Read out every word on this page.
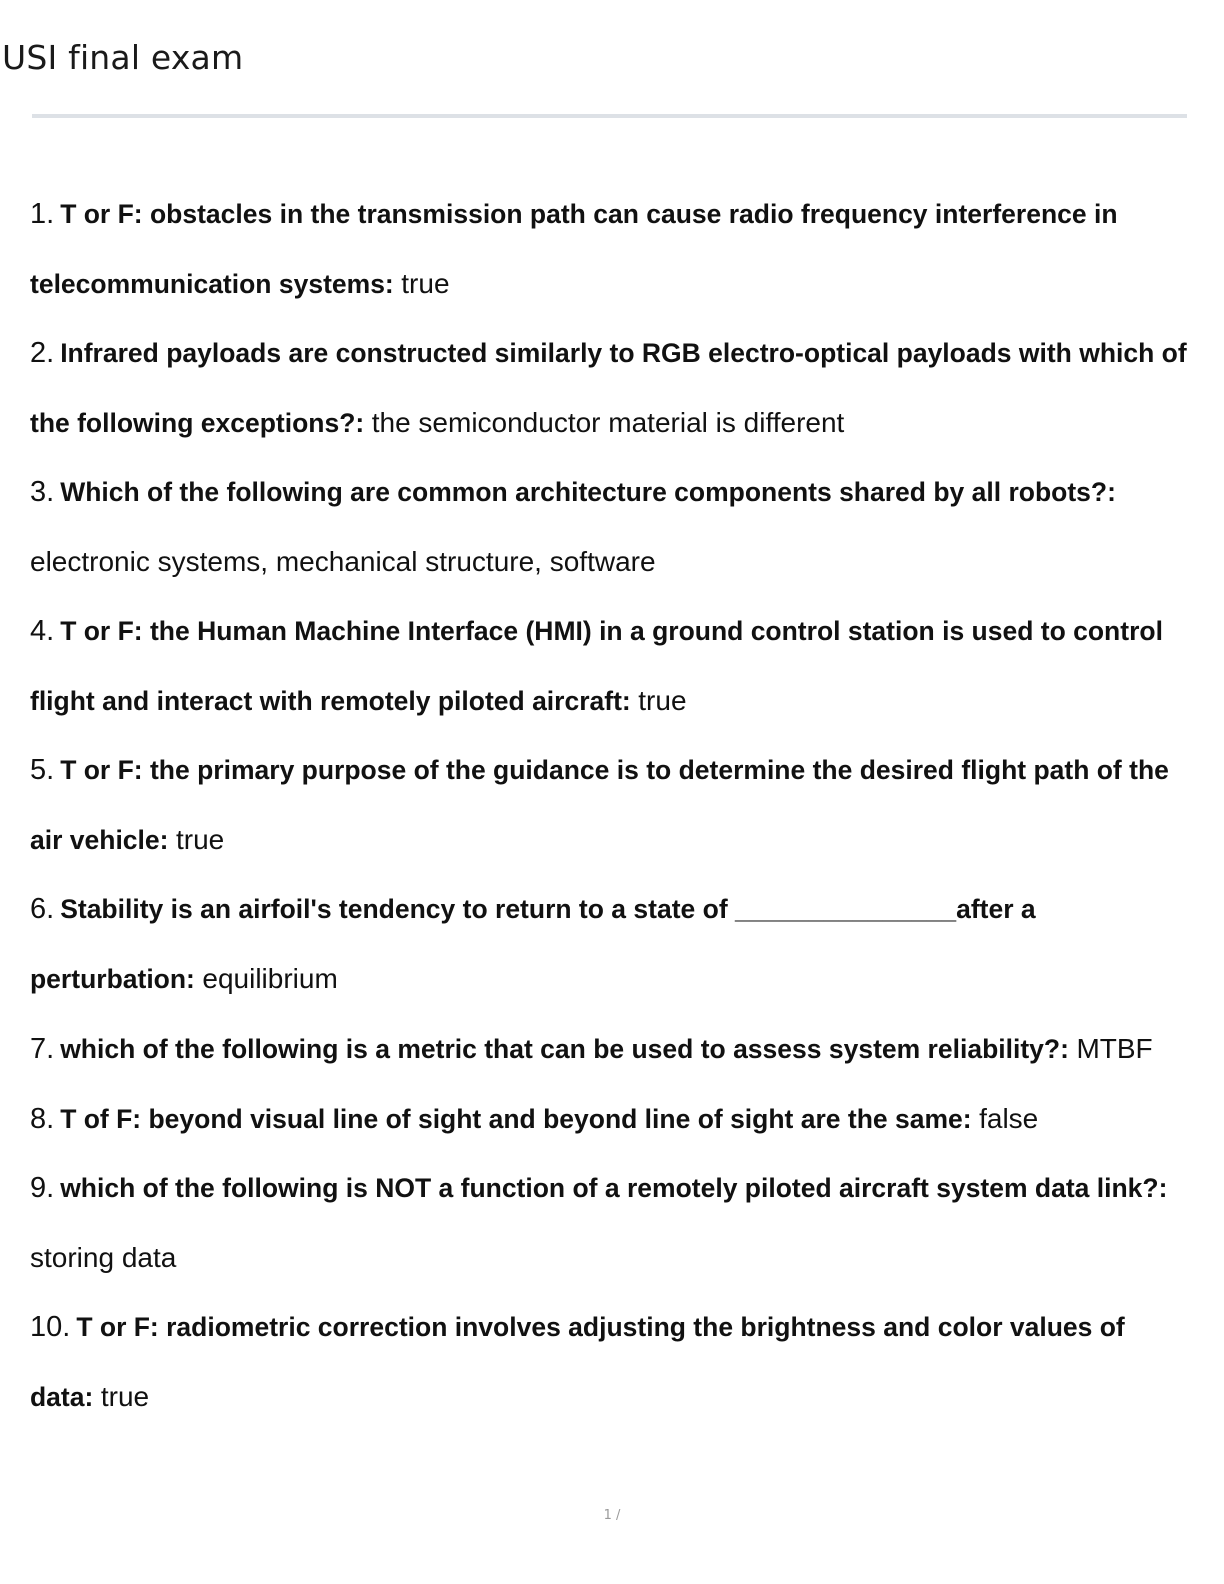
USI final exam
1. T or F: obstacles in the transmission path can cause radio frequency interference in telecommunication systems: true
2. Infrared payloads are constructed similarly to RGB electro-optical payloads with which of the following exceptions?: the semiconductor material is different
3. Which of the following are common architecture components shared by all robots?: electronic systems, mechanical structure, software
4. T or F: the Human Machine Interface (HMI) in a ground control station is used to control flight and interact with remotely piloted aircraft: true
5. T or F: the primary purpose of the guidance is to determine the desired flight path of the air vehicle: true
6. Stability is an airfoil's tendency to return to a state of _______________after a perturbation: equilibrium
7. which of the following is a metric that can be used to assess system reliability?: MTBF
8. T of F: beyond visual line of sight and beyond line of sight are the same: false
9. which of the following is NOT a function of a remotely piloted aircraft system data link?: storing data
10. T or F: radiometric correction involves adjusting the brightness and color values of data: true
1 /
